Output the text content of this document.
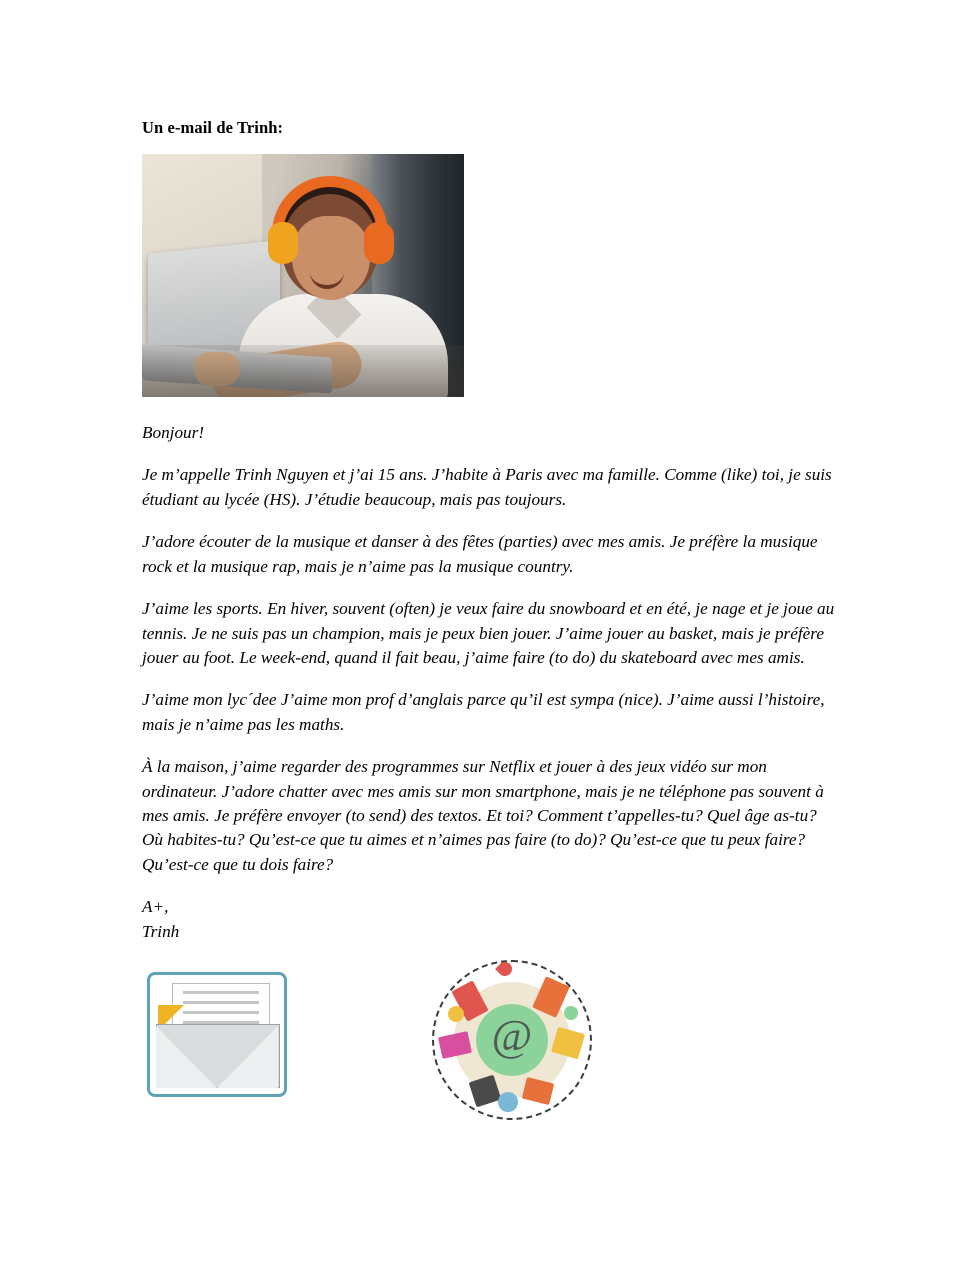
Un e-mail de Trinh:

Bonjour!

Je m’appelle Trinh Nguyen et j’ai 15 ans. J’habite à Paris avec ma famille. Comme (like) toi, je suis étudiant au lycée (HS). J’étudie beaucoup, mais pas toujours.

J’adore écouter de la musique et danser à des fêtes (parties) avec mes amis. Je préfère la musique rock et la musique rap, mais je n’aime pas la musique country.

J’aime les sports. En hiver, souvent (often) je veux faire du snowboard et en été, je nage et je joue au tennis. Je ne suis pas un champion, mais je peux bien jouer. J’aime jouer au basket, mais je préfère jouer au foot. Le week-end, quand il fait beau, j’aime faire (to do) du skateboard avec mes amis.

J’aime mon lyc´dee J’aime mon prof d’anglais parce qu’il est sympa (nice). J’aime aussi l’histoire, mais je n’aime pas les maths.

À la maison, j’aime regarder des programmes sur Netflix et jouer à des jeux vidéo sur mon ordinateur. J’adore chatter avec mes amis sur mon smartphone, mais je ne téléphone pas souvent à mes amis. Je préfère envoyer (to send) des textos. Et toi? Comment t’appelles-tu? Quel âge as-tu? Où habites-tu? Qu’est-ce que tu aimes et n’aimes pas faire (to do)? Qu’est-ce que tu peux faire? Qu’est-ce que tu dois faire?

A+,

Trinh

@
